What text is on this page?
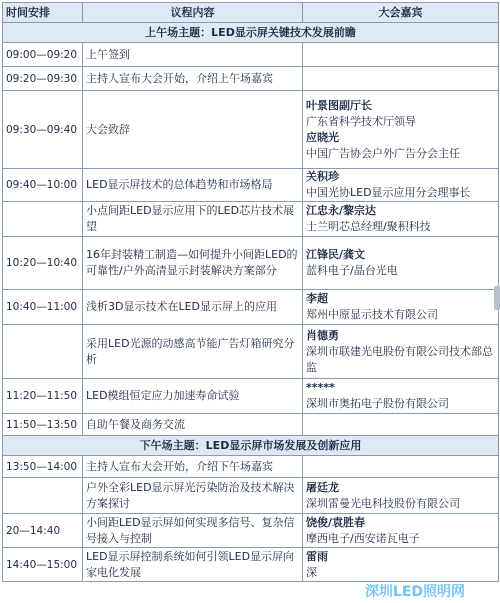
时间安排	议程内容	大会嘉宾
上午场主题：LED显示屏关键技术发展前瞻		
09:00—09:20	上午签到	
09:20—09:30	主持人宣布大会开始，介绍上午场嘉宾	
09:30—09:40	大会致辞	叶景图副厅长
广东省科学技术厅领导
应晓光
中国广告协会户外广告分会主任

09:40—10:00	LED显示屏技术的总体趋势和市场格局	关积珍
中国光协LED显示应用分会理事长

	小点间距LED显示应用下的LED芯片技术展望	江忠永/黎宗达
士兰明芯总经理/聚积科技

10:20—10:40	16年封装精工制造—如何提升小间距LED的可靠性/户外高清显示封装解决方案部分	江锋民/龚文
蓝科电子/晶台光电

10:40—11:00	浅析3D显示技术在LED显示屏上的应用	李超
郑州中原显示技术有限公司

	采用LED光源的动感高节能广告灯箱研究分析	肖德勇
深圳市联建光电股份有限公司技术部总监

11:20—11:50	LED模组恒定应力加速寿命试验	*****
深圳市奥拓电子股份有限公司

11:50—13:50	自助午餐及商务交流	
下午场主题：LED显示屏市场发展及创新应用		
13:50—14:00	主持人宣布大会开始，介绍下午场嘉宾	
	户外全彩LED显示屏光污染防治及技术解决方案探讨	屠廷龙
深圳雷曼光电科技股份有限公司

20—14:40	小间距LED显示屏如何实现多信号、复杂信号接入与控制	饶俊/袁胜春
摩西电子/西安诺瓦电子

14:40—15:00	LED显示屏控制系统如何引领LED显示屏向家电化发展	雷雨
深
深圳LED照明网
